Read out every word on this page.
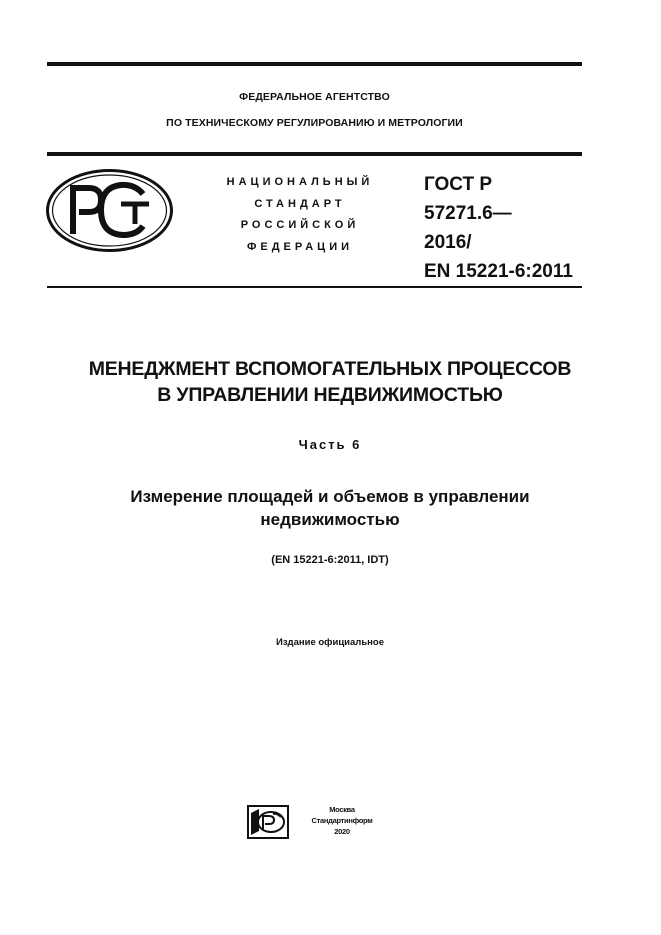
ФЕДЕРАЛЬНОЕ АГЕНТСТВО
ПО ТЕХНИЧЕСКОМУ РЕГУЛИРОВАНИЮ И МЕТРОЛОГИИ
НАЦИОНАЛЬНЫЙ
СТАНДАРТ
РОССИЙСКОЙ
ФЕДЕРАЦИИ
ГОСТ Р
57271.6—
2016/
EN 15221-6:2011
МЕНЕДЖМЕНТ ВСПОМОГАТЕЛЬНЫХ ПРОЦЕССОВ
В УПРАВЛЕНИИ НЕДВИЖИМОСТЬЮ
Часть 6
Измерение площадей и объемов в управлении
недвижимостью
(EN 15221-6:2011, IDT)
Издание официальное
Москва
Стандартинформ
2020
